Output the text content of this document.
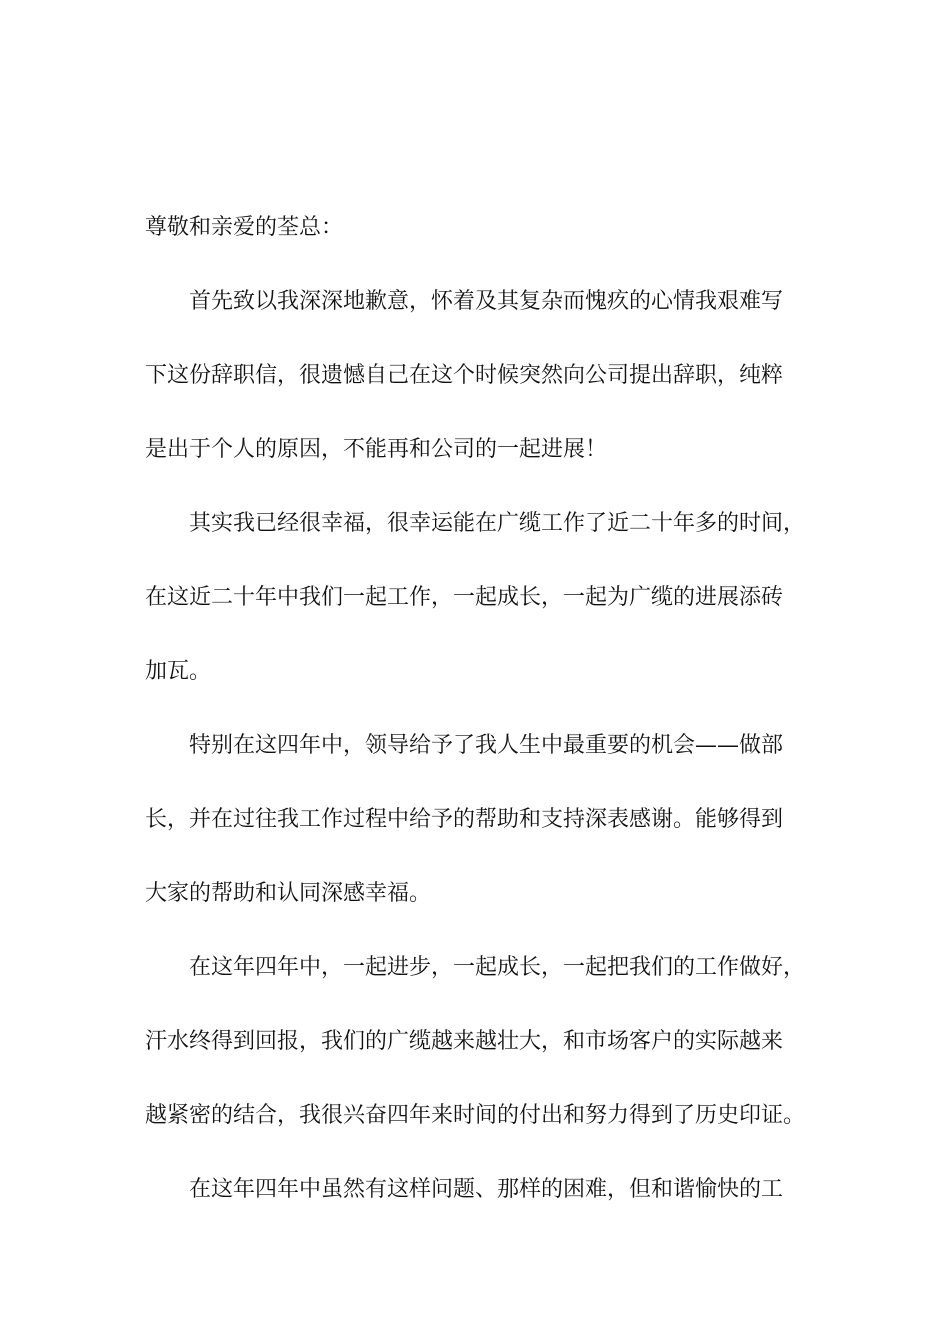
尊敬和亲爱的荃总：
首先致以我深深地歉意，怀着及其复杂而愧疚的心情我艰难写
下这份辞职信，很遗憾自己在这个时候突然向公司提出辞职，纯粹
是出于个人的原因，不能再和公司的一起进展！
其实我已经很幸福，很幸运能在广缆工作了近二十年多的时间，
在这近二十年中我们一起工作，一起成长，一起为广缆的进展添砖
加瓦。
特别在这四年中，领导给予了我人生中最重要的机会——做部
长，并在过往我工作过程中给予的帮助和支持深表感谢。能够得到
大家的帮助和认同深感幸福。
在这年四年中，一起进步，一起成长，一起把我们的工作做好，
汗水终得到回报，我们的广缆越来越壮大，和市场客户的实际越来
越紧密的结合，我很兴奋四年来时间的付出和努力得到了历史印证。
在这年四年中虽然有这样问题、那样的困难，但和谐愉快的工
